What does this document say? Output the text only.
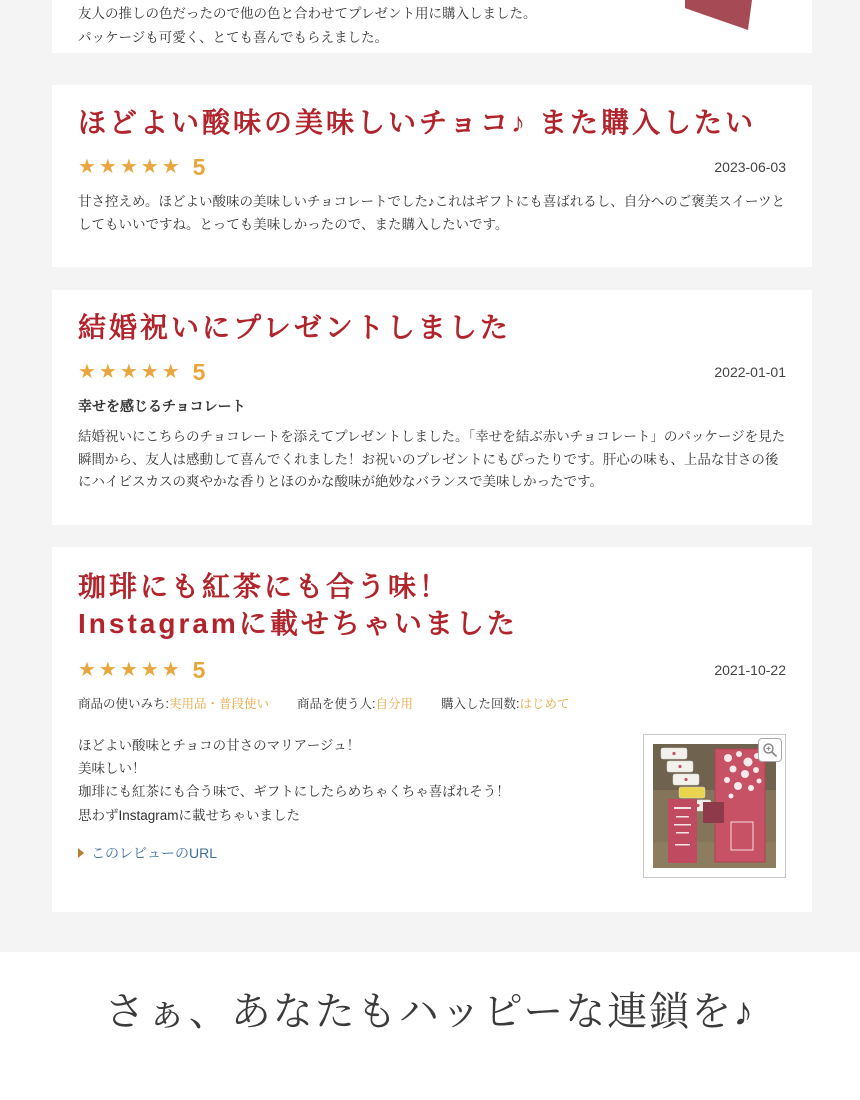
友人の推しの色だったので他の色と合わせてプレゼント用に購入しました。

パッケージも可愛く、とても喜んでもらえました。

ほどよい酸味の美味しいチョコ♪ また購入したい
★★★★★ 5	2023-06-03

甘さ控えめ。ほどよい酸味の美味しいチョコレートでした♪これはギフトにも喜ばれるし、自分へのご褒美スイーツとしてもいいですね。とっても美味しかったので、また購入したいです。

結婚祝いにプレゼントしました
★★★★★ 5	2022-01-01

幸せを感じるチョコレート

結婚祝いにこちらのチョコレートを添えてプレゼントしました。「幸せを結ぶ赤いチョコレート」のパッケージを見た瞬間から、友人は感動して喜んでくれました！お祝いのプレゼントにもぴったりです。肝心の味も、上品な甘さの後にハイビスカスの爽やかな香りとほのかな酸味が絶妙なバランスで美味しかったです。

珈琲にも紅茶にも合う味！
Instagramに載せちゃいました
★★★★★ 5	2021-10-22
商品の使いみち:実用品・普段使い 商品を使う人:自分用 購入した回数:はじめて

ほどよい酸味とチョコの甘さのマリアージュ！

美味しい！

珈琲にも紅茶にも合う味で、ギフトにしたらめちゃくちゃ喜ばれそう！

思わずInstagramに載せちゃいました

このレビューのURL
さぁ、あなたもハッピーな連鎖を♪
